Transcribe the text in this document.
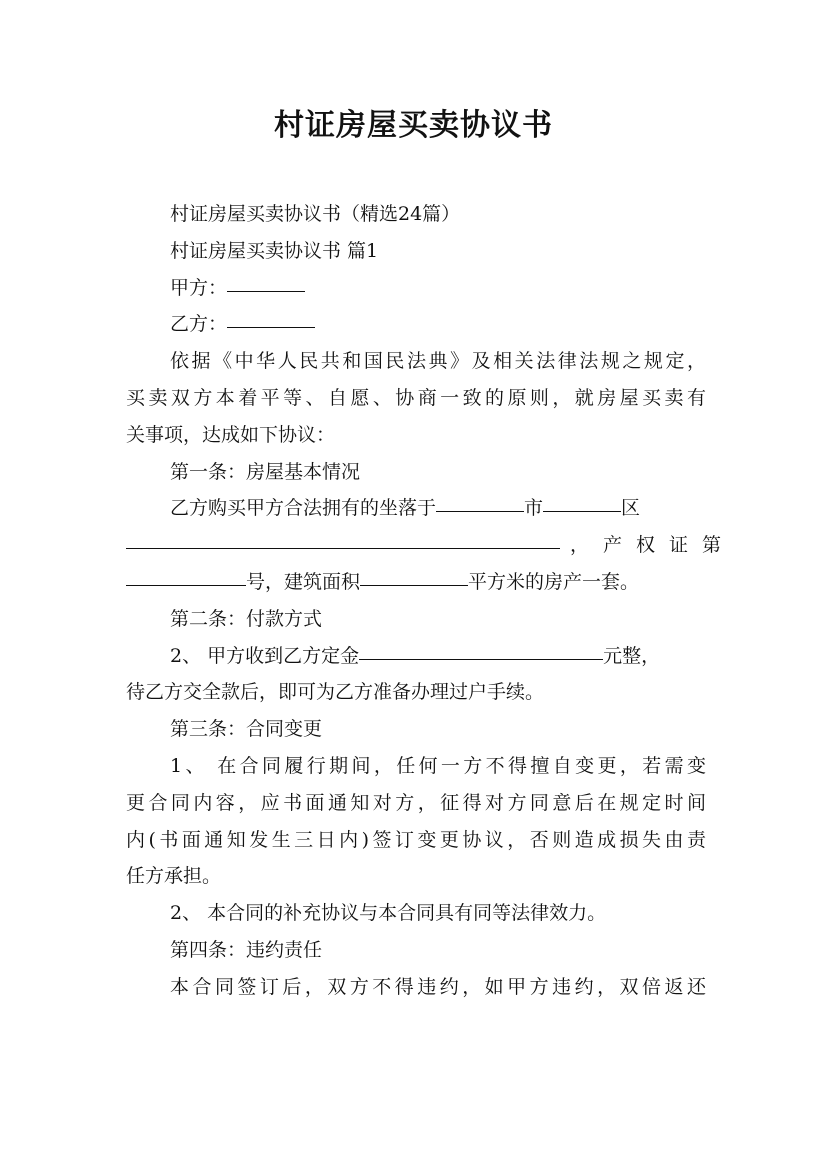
村证房屋买卖协议书
村证房屋买卖协议书（精选24篇）
村证房屋买卖协议书 篇1
甲方：
乙方：
依据《中华人民共和国民法典》及相关法律法规之规定，
买卖双方本着平等、自愿、协商一致的原则，就房屋买卖有
关事项，达成如下协议：
第一条：房屋基本情况
乙方购买甲方合法拥有的坐落于	市	区
，产权证第
号，建筑面积	平方米的房产一套。
第二条：付款方式
2、 甲方收到乙方定金	元整，
待乙方交全款后，即可为乙方准备办理过户手续。
第三条：合同变更
1、 在合同履行期间，任何一方不得擅自变更，若需变
更合同内容，应书面通知对方，征得对方同意后在规定时间
内(书面通知发生三日内)签订变更协议，否则造成损失由责
任方承担。
2、 本合同的补充协议与本合同具有同等法律效力。
第四条：违约责任
本合同签订后，双方不得违约，如甲方违约，双倍返还
